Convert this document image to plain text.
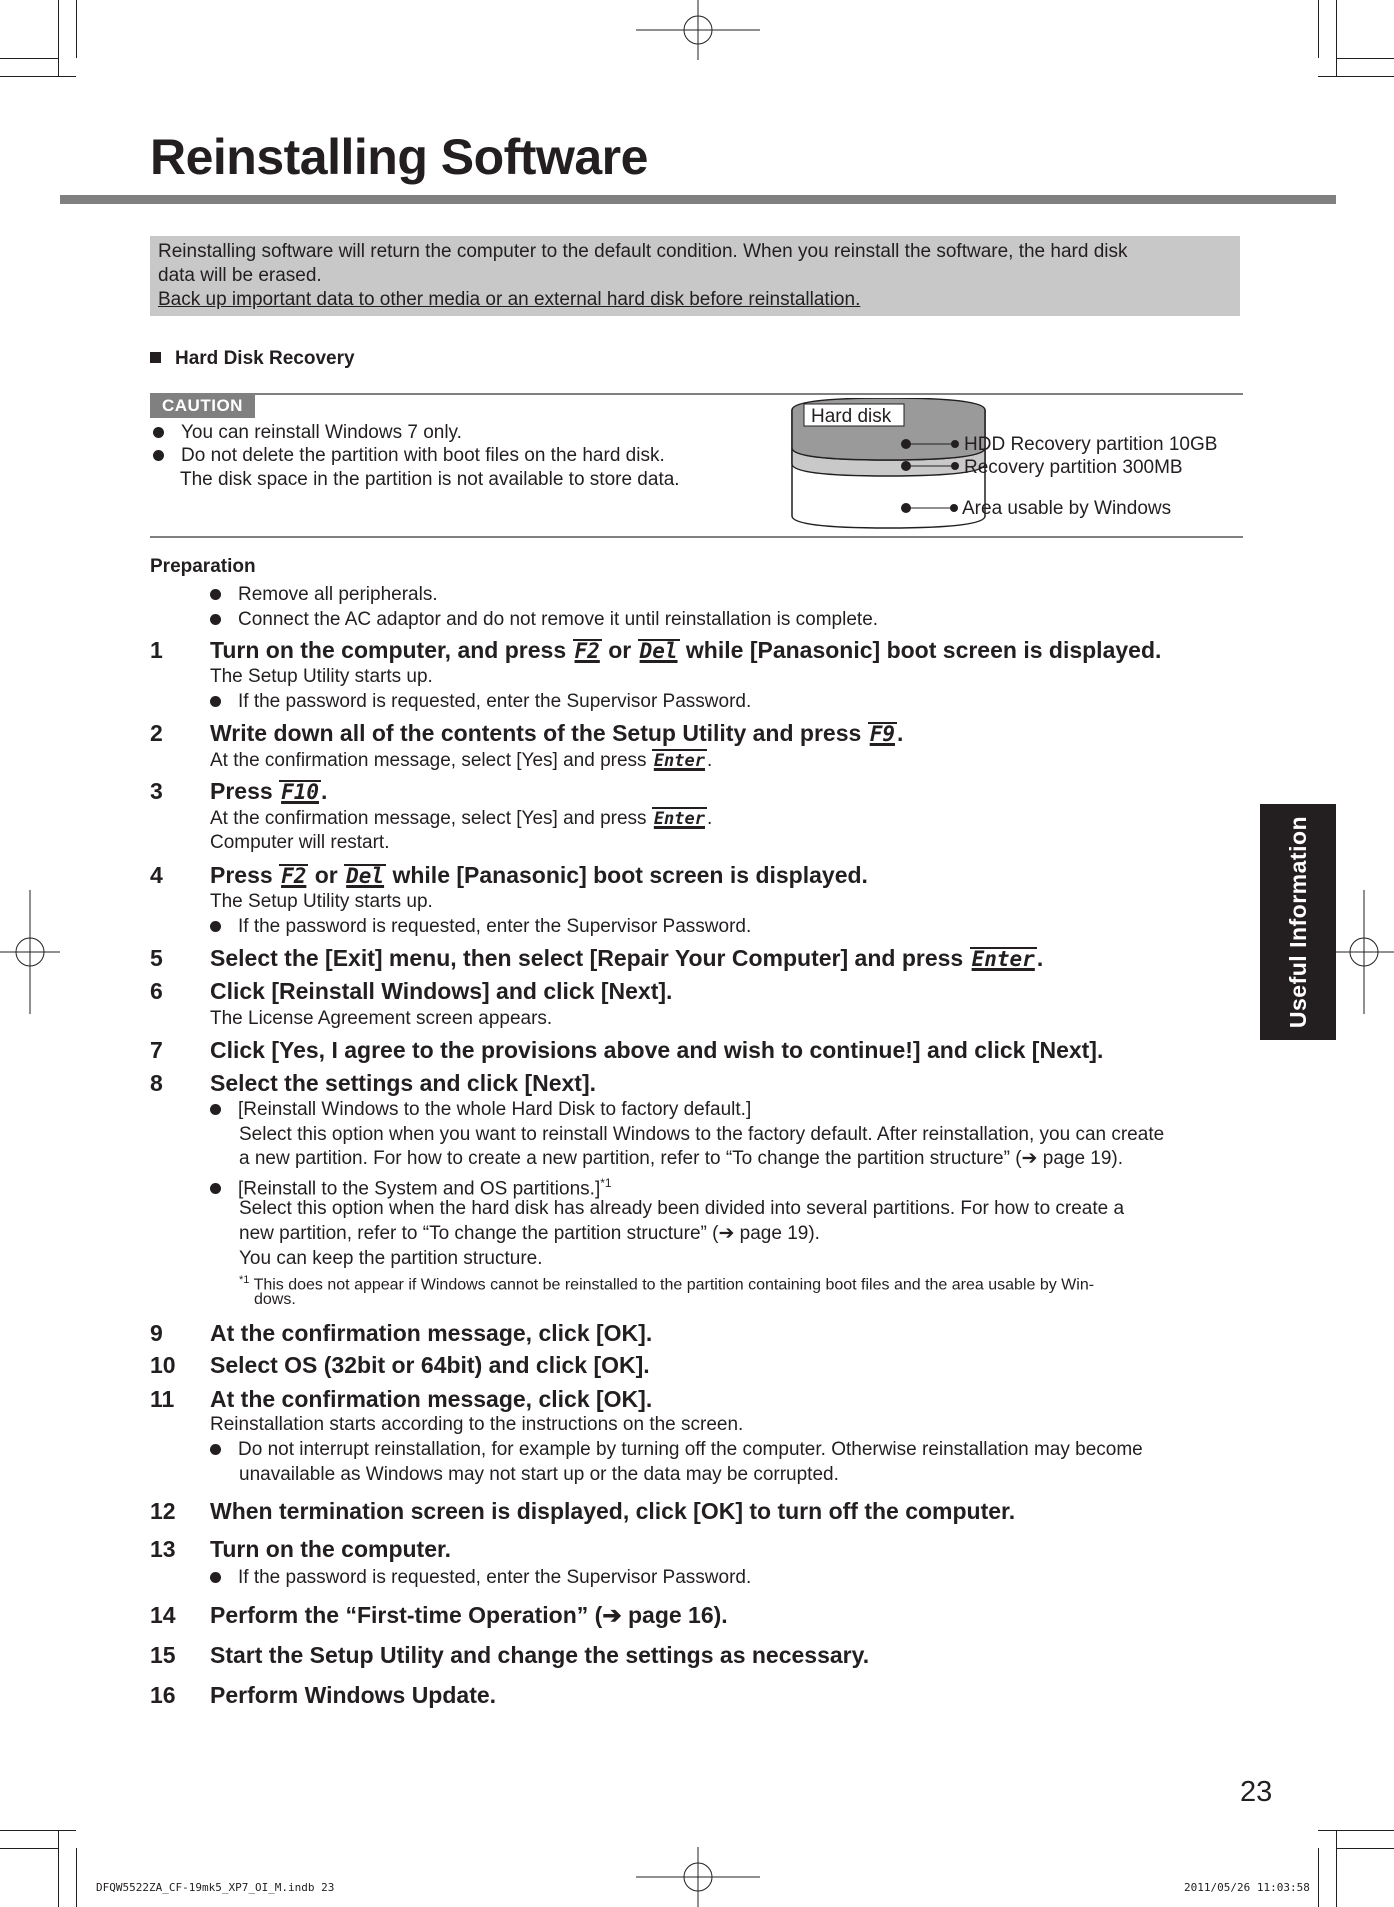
Reinstalling Software
Reinstalling software will return the computer to the default condition. When you reinstall the software, the hard disk
data will be erased.
Back up important data to other media or an external hard disk before reinstallation.
Hard Disk Recovery
CAUTION
You can reinstall Windows 7 only.
Do not delete the partition with boot files on the hard disk.
The disk space in the partition is not available to store data.
Hard disk
HDD Recovery partition 10GB
Recovery partition 300MB
Area usable by Windows
Preparation
Remove all peripherals.
Connect the AC adaptor and do not remove it until reinstallation is complete.
1 Turn on the computer, and press F2 or Del while [Panasonic] boot screen is displayed.
The Setup Utility starts up.
If the password is requested, enter the Supervisor Password.
2 Write down all of the contents of the Setup Utility and press F9.
At the confirmation message, select [Yes] and press Enter .
3 Press F10.
At the confirmation message, select [Yes] and press Enter .
Computer will restart.
4 Press F2 or Del while [Panasonic] boot screen is displayed.
The Setup Utility starts up.
If the password is requested, enter the Supervisor Password.
5 Select the [Exit] menu, then select [Repair Your Computer] and press Enter.
6 Click [Reinstall Windows] and click [Next].
The License Agreement screen appears.
7 Click [Yes, I agree to the provisions above and wish to continue!] and click [Next].
8 Select the settings and click [Next].
[Reinstall Windows to the whole Hard Disk to factory default.]
Select this option when you want to reinstall Windows to the factory default. After reinstallation, you can create
a new partition. For how to create a new partition, refer to “To change the partition structure” (➔ page 19).
[Reinstall to the System and OS partitions.]$^{*1}$
Select this option when the hard disk has already been divided into several partitions. For how to create a
new partition, refer to “To change the partition structure” (➔ page 19).
You can keep the partition structure.
$^{*1}$ This does not appear if Windows cannot be reinstalled to the partition containing boot files and the area usable by Win-
dows.
9 At the confirmation message, click [OK].
10 Select OS (32bit or 64bit) and click [OK].
11 At the confirmation message, click [OK].
Reinstallation starts according to the instructions on the screen.
Do not interrupt reinstallation, for example by turning off the computer. Otherwise reinstallation may become
unavailable as Windows may not start up or the data may be corrupted.
12 When termination screen is displayed, click [OK] to turn off the computer.
13 Turn on the computer.
If the password is requested, enter the Supervisor Password.
14 Perform the “First-time Operation” (➔ page 16).
15 Start the Setup Utility and change the settings as necessary.
16 Perform Windows Update.
Useful Information
23
DFQW5522ZA_CF-19mk5_XP7_OI_M.indb 23	2011/05/26 11:03:58
